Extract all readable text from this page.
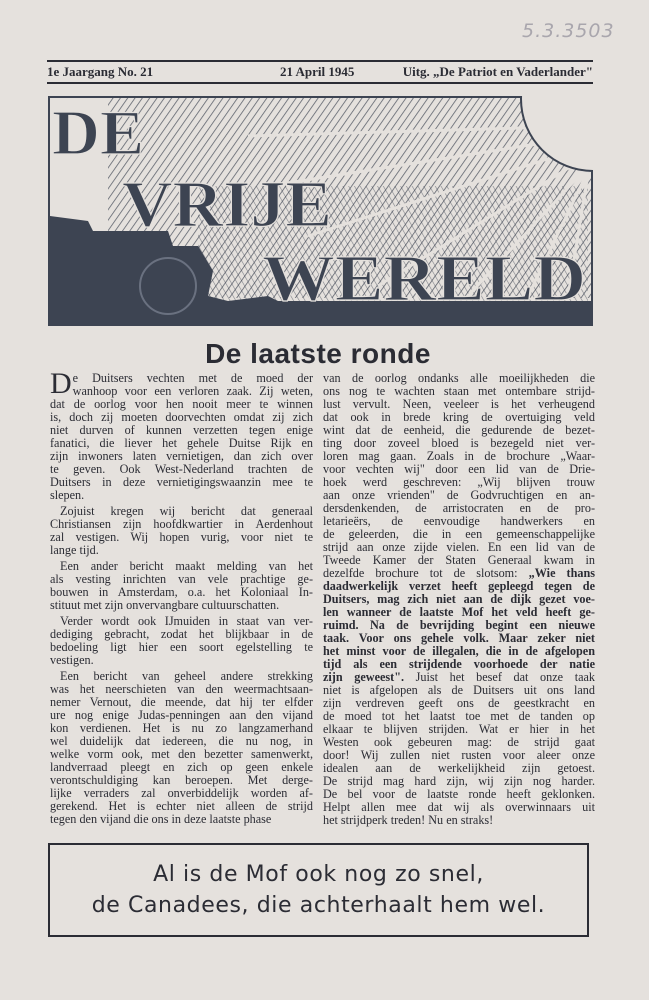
5.3.3503
1e Jaargang No. 21	21 April 1945	Uitg. „De Patriot en Vaderlander"
DE
VRIJE
WERELD
De laatste ronde
D e Duitsers vechten met de moed der
wanhoop voor een verloren zaak. Zij weten,
dat de oorlog voor hen nooit meer te winnen
is, doch zij moeten doorvechten omdat zij zich
niet durven of kunnen verzetten tegen enige
fanatici, die liever het gehele Duitse Rijk en
zijn inwoners laten vernietigen, dan zich over
te geven. Ook West-Nederland trachten de
Duitsers in deze vernietigingswaanzin mee te
slepen.
Zojuist kregen wij bericht dat generaal
Christiansen zijn hoofdkwartier in Aerdenhout
zal vestigen. Wij hopen vurig, voor niet te
lange tijd.
Een ander bericht maakt melding van het
als vesting inrichten van vele prachtige ge-
bouwen in Amsterdam, o.a. het Koloniaal In-
stituut met zijn onvervangbare cultuurschatten.
Verder wordt ook IJmuiden in staat van ver-
dediging gebracht, zodat het blijkbaar in de
bedoeling ligt hier een soort egelstelling te
vestigen.
Een bericht van geheel andere strekking
was het neerschieten van den weermachtsaan-
nemer Vernout, die meende, dat hij ter elfder
ure nog enige Judas-penningen aan den vijand
kon verdienen. Het is nu zo langzamerhand
wel duidelijk dat iedereen, die nu nog, in
welke vorm ook, met den bezetter samenwerkt,
landverraad pleegt en zich op geen enkele
verontschuldiging kan beroepen. Met derge-
lijke verraders zal onverbiddelijk worden af-
gerekend. Het is echter niet alleen de strijd
tegen den vijand die ons in deze laatste phase
van de oorlog ondanks alle moeilijkheden die
ons nog te wachten staan met ontembare strijd-
lust vervult. Neen, veeleer is het verheugend
dat ook in brede kring de overtuiging veld
wint dat de eenheid, die gedurende de bezet-
ting door zoveel bloed is bezegeld niet ver-
loren mag gaan. Zoals in de brochure „Waar-
voor vechten wij" door een lid van de Drie-
hoek werd geschreven: „Wij blijven trouw
aan onze vrienden" de Godvruchtigen en an-
dersdenkenden, de arristocraten en de pro-
letarieërs, de eenvoudige handwerkers en
de geleerden, die in een gemeenschappelijke
strijd aan onze zijde vielen. En een lid van de
Tweede Kamer der Staten Generaal kwam in
dezelfde brochure tot de slotsom: „Wie thans
daadwerkelijk verzet heeft gepleegd tegen de
Duitsers, mag zich niet aan de dijk gezet voe-
len wanneer de laatste Mof het veld heeft ge-
ruimd. Na de bevrijding begint een nieuwe
taak. Voor ons gehele volk. Maar zeker niet
het minst voor de illegalen, die in de afgelopen
tijd als een strijdende voorhoede der natie
zijn geweest". Juist het besef dat onze taak
niet is afgelopen als de Duitsers uit ons land
zijn verdreven geeft ons de geestkracht en
de moed tot het laatst toe met de tanden op
elkaar te blijven strijden. Wat er hier in het
Westen ook gebeuren mag: de strijd gaat
door! Wij zullen niet rusten voor aleer onze
idealen aan de werkelijkheid zijn getoest.
De strijd mag hard zijn, wij zijn nog harder.
De bel voor de laatste ronde heeft geklonken.
Helpt allen mee dat wij als overwinnaars uit
het strijdperk treden! Nu en straks!
Al is de Mof ook nog zo snel,
de Canadees, die achterhaalt hem wel.
